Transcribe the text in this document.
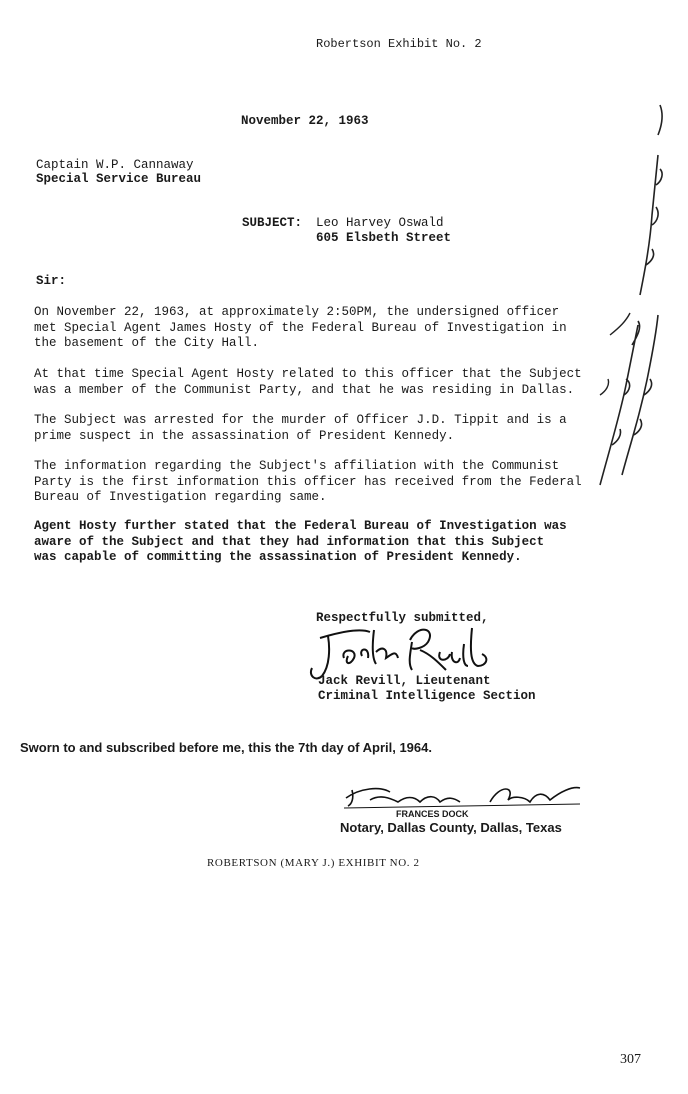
Robertson Exhibit No. 2
November 22, 1963
Captain W.P. Cannaway
Special Service Bureau
SUBJECT: Leo Harvey Oswald
605 Elsbeth Street
Sir:
On November 22, 1963, at approximately 2:50PM, the undersigned officer
met Special Agent James Hosty of the Federal Bureau of Investigation in
the basement of the City Hall.
At that time Special Agent Hosty related to this officer that the Subject
was a member of the Communist Party, and that he was residing in Dallas.
The Subject was arrested for the murder of Officer J.D. Tippit and is a
prime suspect in the assassination of President Kennedy.
The information regarding the Subject's affiliation with the Communist
Party is the first information this officer has received from the Federal
Bureau of Investigation regarding same.
Agent Hosty further stated that the Federal Bureau of Investigation was
aware of the Subject and that they had information that this Subject
was capable of committing the assassination of President Kennedy.
Respectfully submitted,
Jack Revill, Lieutenant
Criminal Intelligence Section
Sworn to and subscribed before me, this the 7th day of April, 1964.
FRANCES DOCK
Notary, Dallas County, Dallas, Texas
ROBERTSON (MARY J.) EXHIBIT NO. 2
307
